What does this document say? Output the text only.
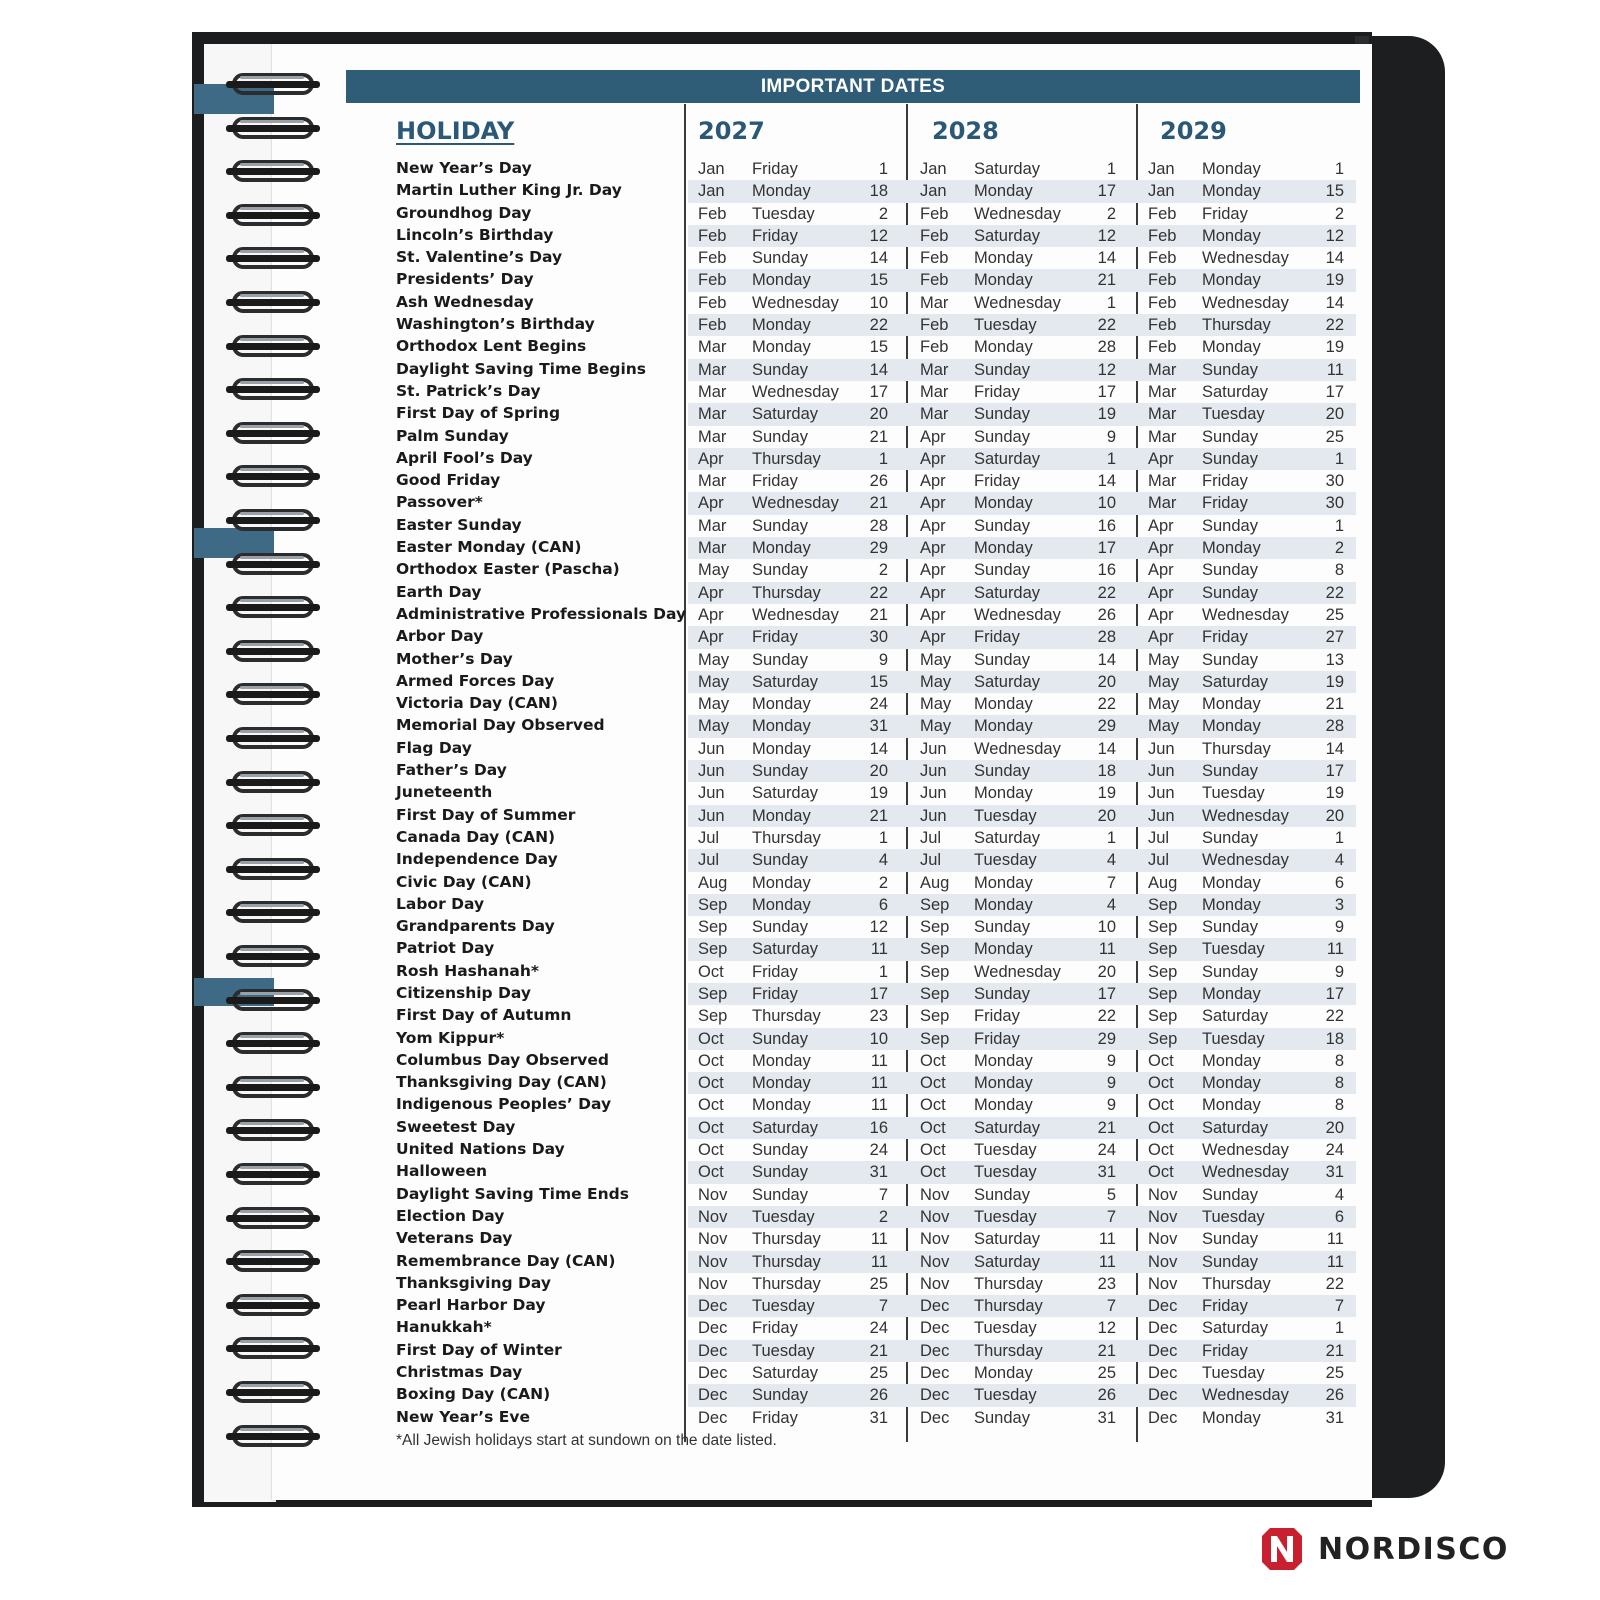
IMPORTANT DATES
HOLIDAY	2027	2028	2029
New Year’s Day	Jan	Friday	1 Jan	Saturday	1 Jan	Monday	1
Martin Luther King Jr. Day	Jan	Monday	18 Jan	Monday	17 Jan	Monday	15
Groundhog Day	Feb	Tuesday	2 Feb	Wednesday	2 Feb	Friday	2
Lincoln’s Birthday	Feb	Friday	12 Feb	Saturday	12 Feb	Monday	12
St. Valentine’s Day	Feb	Sunday	14 Feb	Monday	14 Feb	Wednesday	14
Presidents’ Day	Feb	Monday	15 Feb	Monday	21 Feb	Monday	19
Ash Wednesday	Feb	Wednesday	10 Mar	Wednesday	1 Feb	Wednesday	14
Washington’s Birthday	Feb	Monday	22 Feb	Tuesday	22 Feb	Thursday	22
Orthodox Lent Begins	Mar	Monday	15 Feb	Monday	28 Feb	Monday	19
Daylight Saving Time Begins	Mar	Sunday	14 Mar	Sunday	12 Mar	Sunday	11
St. Patrick’s Day	Mar	Wednesday	17 Mar	Friday	17 Mar	Saturday	17
First Day of Spring	Mar	Saturday	20 Mar	Sunday	19 Mar	Tuesday	20
Palm Sunday	Mar	Sunday	21 Apr	Sunday	9 Mar	Sunday	25
April Fool’s Day	Apr	Thursday	1 Apr	Saturday	1 Apr	Sunday	1
Good Friday	Mar	Friday	26 Apr	Friday	14 Mar	Friday	30
Passover*	Apr	Wednesday	21 Apr	Monday	10 Mar	Friday	30
Easter Sunday	Mar	Sunday	28 Apr	Sunday	16 Apr	Sunday	1
Easter Monday (CAN)	Mar	Monday	29 Apr	Monday	17 Apr	Monday	2
Orthodox Easter (Pascha)	May	Sunday	2 Apr	Sunday	16 Apr	Sunday	8
Earth Day	Apr	Thursday	22 Apr	Saturday	22 Apr	Sunday	22
Administrative Professionals Day Apr	Wednesday	21 Apr	Wednesday	26 Apr	Wednesday	25
Arbor Day	Apr	Friday	30 Apr	Friday	28 Apr	Friday	27
Mother’s Day	May	Sunday	9 May	Sunday	14 May	Sunday	13
Armed Forces Day	May	Saturday	15 May	Saturday	20 May	Saturday	19
Victoria Day (CAN)	May	Monday	24 May	Monday	22 May	Monday	21
Memorial Day Observed	May	Monday	31 May	Monday	29 May	Monday	28
Flag Day	Jun	Monday	14 Jun	Wednesday	14 Jun	Thursday	14
Father’s Day	Jun	Sunday	20 Jun	Sunday	18 Jun	Sunday	17
Juneteenth	Jun	Saturday	19 Jun	Monday	19 Jun	Tuesday	19
First Day of Summer	Jun	Monday	21 Jun	Tuesday	20 Jun	Wednesday	20
Canada Day (CAN)	Jul	Thursday	1 Jul	Saturday	1 Jul	Sunday	1
Independence Day	Jul	Sunday	4 Jul	Tuesday	4 Jul	Wednesday	4
Civic Day (CAN)	Aug	Monday	2 Aug	Monday	7 Aug	Monday	6
Labor Day	Sep	Monday	6 Sep	Monday	4 Sep	Monday	3
Grandparents Day	Sep	Sunday	12 Sep	Sunday	10 Sep	Sunday	9
Patriot Day	Sep	Saturday	11 Sep	Monday	11 Sep	Tuesday	11
Rosh Hashanah*	Oct	Friday	1 Sep	Wednesday	20 Sep	Sunday	9
Citizenship Day	Sep	Friday	17 Sep	Sunday	17 Sep	Monday	17
First Day of Autumn	Sep	Thursday	23 Sep	Friday	22 Sep	Saturday	22
Yom Kippur*	Oct	Sunday	10 Sep	Friday	29 Sep	Tuesday	18
Columbus Day Observed	Oct	Monday	11 Oct	Monday	9 Oct	Monday	8
Thanksgiving Day (CAN)	Oct	Monday	11 Oct	Monday	9 Oct	Monday	8
Indigenous Peoples’ Day	Oct	Monday	11 Oct	Monday	9 Oct	Monday	8
Sweetest Day	Oct	Saturday	16 Oct	Saturday	21 Oct	Saturday	20
United Nations Day	Oct	Sunday	24 Oct	Tuesday	24 Oct	Wednesday	24
Halloween	Oct	Sunday	31 Oct	Tuesday	31 Oct	Wednesday	31
Daylight Saving Time Ends	Nov	Sunday	7 Nov	Sunday	5 Nov	Sunday	4
Election Day	Nov	Tuesday	2 Nov	Tuesday	7 Nov	Tuesday	6
Veterans Day	Nov	Thursday	11 Nov	Saturday	11 Nov	Sunday	11
Remembrance Day (CAN)	Nov	Thursday	11 Nov	Saturday	11 Nov	Sunday	11
Thanksgiving Day	Nov	Thursday	25 Nov	Thursday	23 Nov	Thursday	22
Pearl Harbor Day	Dec	Tuesday	7 Dec	Thursday	7 Dec	Friday	7
Hanukkah*	Dec	Friday	24 Dec	Tuesday	12 Dec	Saturday	1
First Day of Winter	Dec	Tuesday	21 Dec	Thursday	21 Dec	Friday	21
Christmas Day	Dec	Saturday	25 Dec	Monday	25 Dec	Tuesday	25
Boxing Day (CAN)	Dec	Sunday	26 Dec	Tuesday	26 Dec	Wednesday	26
New Year’s Eve	Dec	Friday	31 Dec	Sunday	31 Dec	Monday	31
*All Jewish holidays start at sundown on the date listed.
NORDISCO
